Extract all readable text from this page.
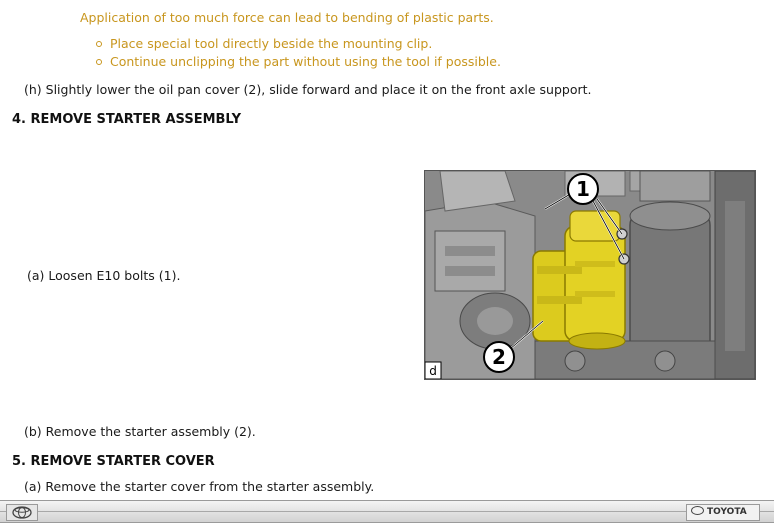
Application of too much force can lead to bending of plastic parts.
Place special tool directly beside the mounting clip.
Continue unclipping the part without using the tool if possible.
(h) Slightly lower the oil pan cover (2), slide forward and place it on the front axle support.
4. REMOVE STARTER ASSEMBLY
(a) Loosen E10 bolts (1).
1
2
d
(b) Remove the starter assembly (2).
5. REMOVE STARTER COVER
(a) Remove the starter cover from the starter assembly.
TOYOTA
